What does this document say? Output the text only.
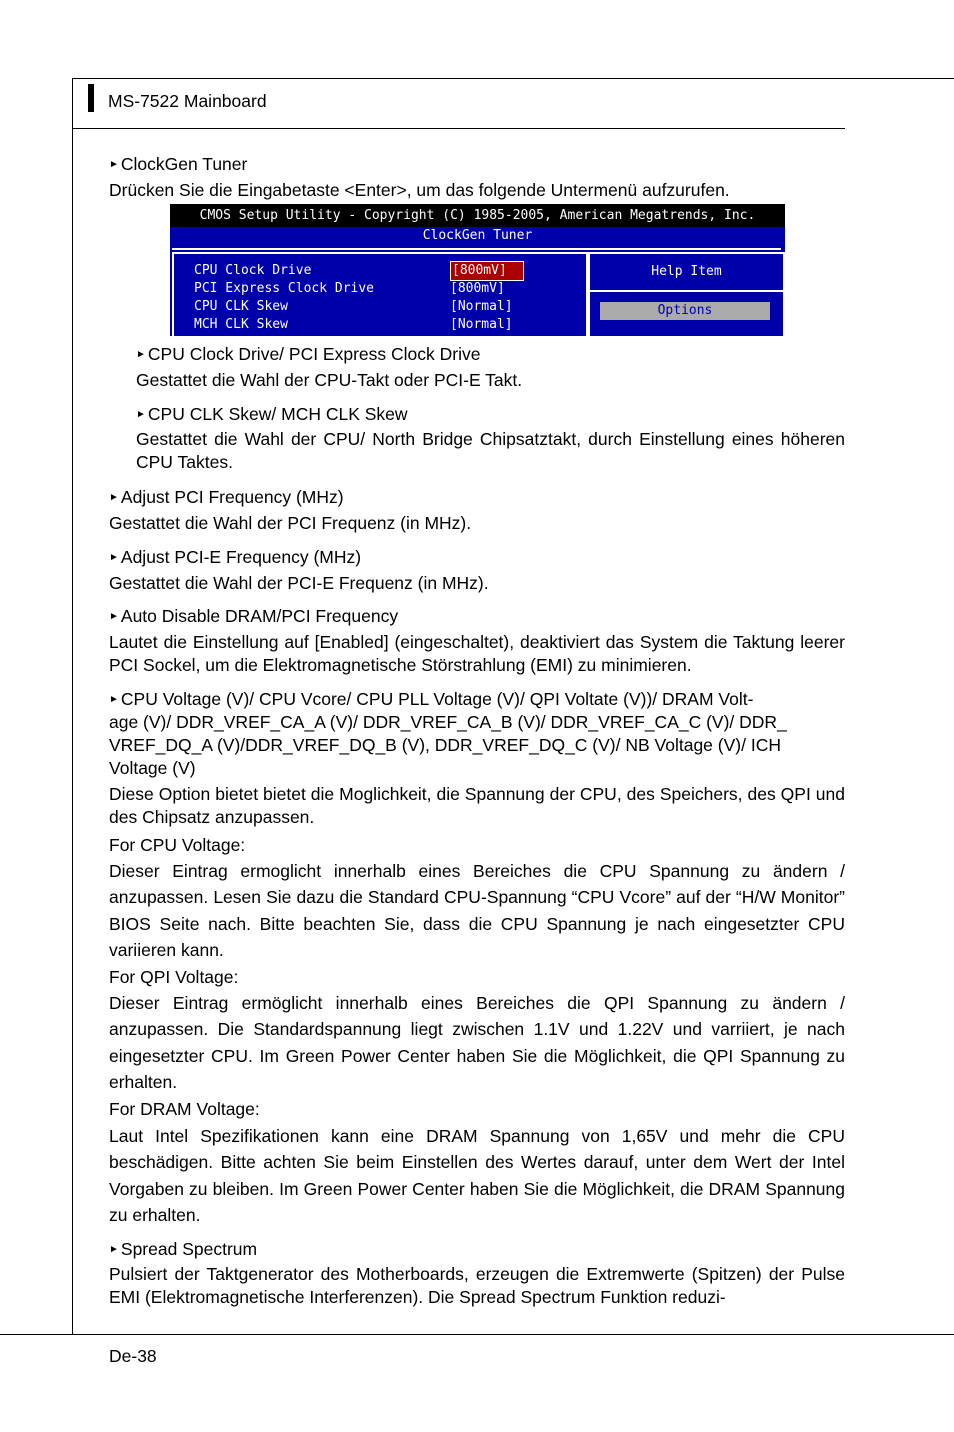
MS-7522 Mainboard
► ClockGen Tuner
Drücken Sie die Eingabetaste <Enter>, um das folgende Untermenü aufzurufen.
CMOS Setup Utility - Copyright (C) 1985-2005, American Megatrends, Inc.
ClockGen Tuner
CPU Clock Drive	[800mV]
PCI Express Clock Drive	[800mV]
CPU CLK Skew	[Normal]
MCH CLK Skew	[Normal]
Help Item
Options
► CPU Clock Drive/ PCI Express Clock Drive
Gestattet die Wahl der CPU-Takt oder PCI-E Takt.
► CPU CLK Skew/ MCH CLK Skew
Gestattet die Wahl der CPU/ North Bridge Chipsatztakt, durch Einstellung eines höheren CPU Taktes.
► Adjust PCI Frequency (MHz)
Gestattet die Wahl der PCI Frequenz (in MHz).
► Adjust PCI-E Frequency (MHz)
Gestattet die Wahl der PCI-E Frequenz (in MHz).
► Auto Disable DRAM/PCI Frequency
Lautet die Einstellung auf [Enabled] (eingeschaltet), deaktiviert das System die Taktung leerer PCI Sockel, um die Elektromagnetische Störstrahlung (EMI) zu minimieren.
► CPU Voltage (V)/ CPU Vcore/ CPU PLL Voltage (V)/ QPI Voltate (V))/ DRAM Volt-
age (V)/ DDR_VREF_CA_A (V)/ DDR_VREF_CA_B (V)/ DDR_VREF_CA_C (V)/ DDR_
VREF_DQ_A (V)/DDR_VREF_DQ_B (V), DDR_VREF_DQ_C (V)/ NB Voltage (V)/ ICH
Voltage (V)
Diese Option bietet bietet die Moglichkeit, die Spannung der CPU, des Speichers, des QPI und des Chipsatz anzupassen.
For CPU Voltage:
Dieser Eintrag ermoglicht innerhalb eines Bereiches die CPU Spannung zu ändern / anzupassen. Lesen Sie dazu die Standard CPU-Spannung “CPU Vcore” auf der “H/W Monitor” BIOS Seite nach. Bitte beachten Sie, dass die CPU Spannung je nach eingesetzter CPU variieren kann.
For QPI Voltage:
Dieser Eintrag ermöglicht innerhalb eines Bereiches die QPI Spannung zu ändern / anzupassen. Die Standardspannung liegt zwischen 1.1V und 1.22V und varriiert, je nach eingesetzter CPU. Im Green Power Center haben Sie die Möglichkeit, die QPI Spannung zu erhalten.
For DRAM Voltage:
Laut Intel Spezifikationen kann eine DRAM Spannung von 1,65V und mehr die CPU beschädigen. Bitte achten Sie beim Einstellen des Wertes darauf, unter dem Wert der Intel Vorgaben zu bleiben. Im Green Power Center haben Sie die Möglichkeit, die DRAM Spannung zu erhalten.
► Spread Spectrum
Pulsiert der Taktgenerator des Motherboards, erzeugen die Extremwerte (Spitzen) der Pulse EMI (Elektromagnetische Interferenzen). Die Spread Spectrum Funktion reduzi-
De-38
